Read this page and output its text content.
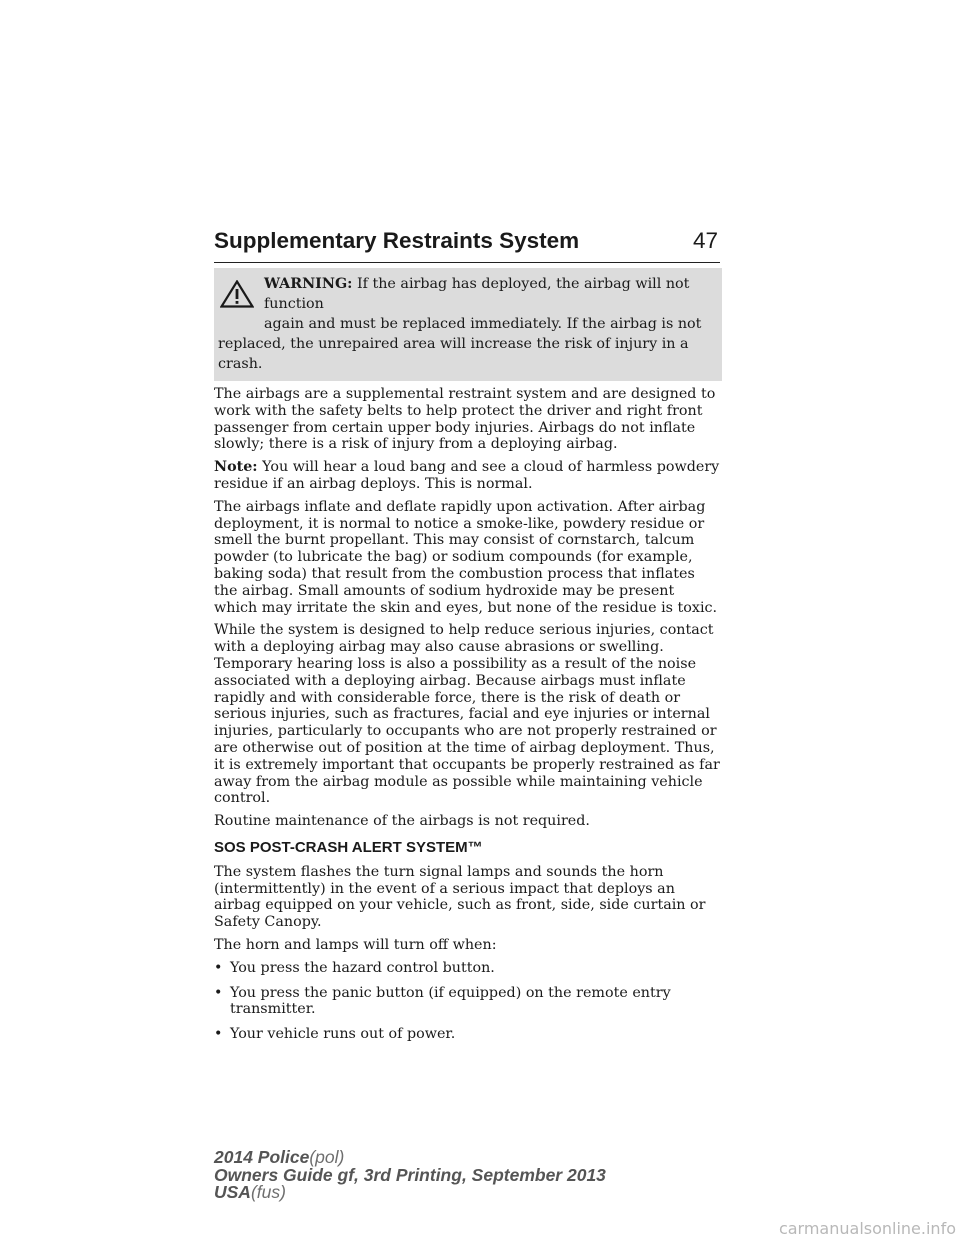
Supplementary Restraints System	47
WARNING: If the airbag has deployed, the airbag will not function
again and must be replaced immediately. If the airbag is not
replaced, the unrepaired area will increase the risk of injury in a crash.

The airbags are a supplemental restraint system and are designed to work with the safety belts to help protect the driver and right front passenger from certain upper body injuries. Airbags do not inflate slowly; there is a risk of injury from a deploying airbag.

Note: You will hear a loud bang and see a cloud of harmless powdery residue if an airbag deploys. This is normal.

The airbags inflate and deflate rapidly upon activation. After airbag deployment, it is normal to notice a smoke-like, powdery residue or smell the burnt propellant. This may consist of cornstarch, talcum powder (to lubricate the bag) or sodium compounds (for example, baking soda) that result from the combustion process that inflates the airbag. Small amounts of sodium hydroxide may be present which may irritate the skin and eyes, but none of the residue is toxic.

While the system is designed to help reduce serious injuries, contact with a deploying airbag may also cause abrasions or swelling. Temporary hearing loss is also a possibility as a result of the noise associated with a deploying airbag. Because airbags must inflate rapidly and with considerable force, there is the risk of death or serious injuries, such as fractures, facial and eye injuries or internal injuries, particularly to occupants who are not properly restrained or are otherwise out of position at the time of airbag deployment. Thus, it is extremely important that occupants be properly restrained as far away from the airbag module as possible while maintaining vehicle control.

Routine maintenance of the airbags is not required.

SOS POST-CRASH ALERT SYSTEM™

The system flashes the turn signal lamps and sounds the horn (intermittently) in the event of a serious impact that deploys an airbag equipped on your vehicle, such as front, side, side curtain or Safety Canopy.

The horn and lamps will turn off when:

• You press the hazard control button.
• You press the panic button (if equipped) on the remote entry transmitter.
• Your vehicle runs out of power.
2014 Police(pol)
Owners Guide gf, 3rd Printing, September 2013
USA(fus)
carmanualsonline.info
